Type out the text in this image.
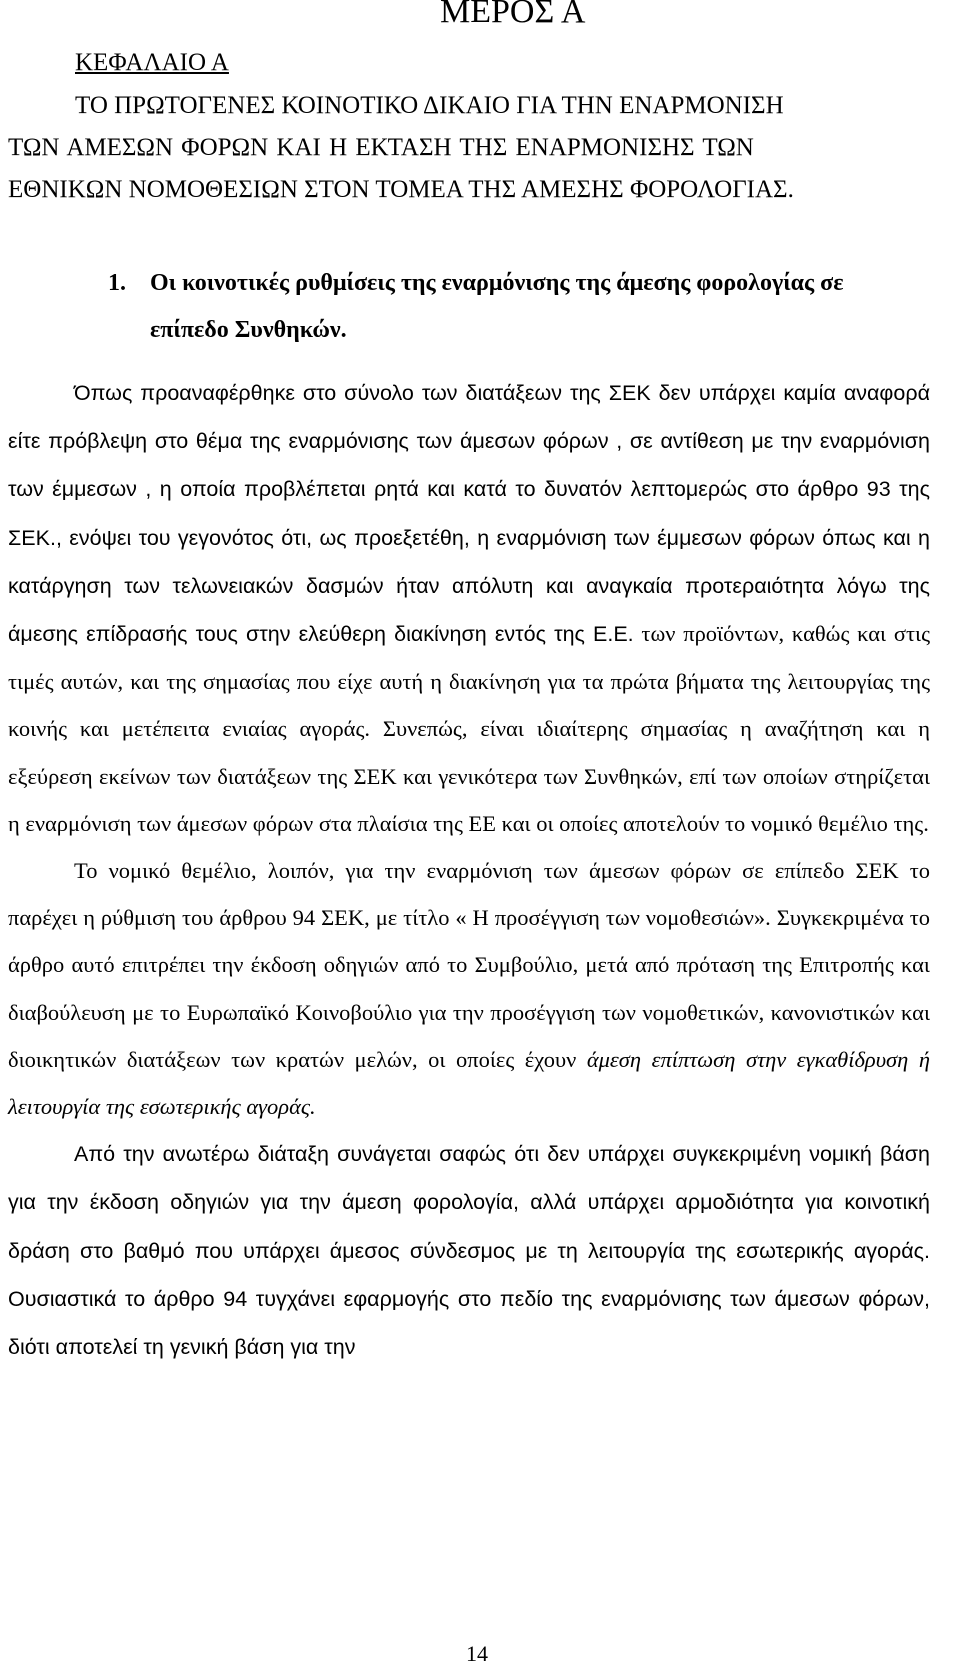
ΜΕΡΟΣ Α
ΚΕΦΑΛΑΙΟ Α
ΤΟ ΠΡΩΤΟΓΕΝΕΣ ΚΟΙΝΟΤΙΚΟ ΔΙΚΑΙΟ ΓΙΑ ΤΗΝ ΕΝΑΡΜΟΝΙΣΗ
ΤΩΝ ΑΜΕΣΩΝ ΦΟΡΩΝ ΚΑΙ Η ΕΚΤΑΣΗ ΤΗΣ ΕΝΑΡΜΟΝΙΣΗΣ ΤΩΝ
ΕΘΝΙΚΩΝ ΝΟΜΟΘΕΣΙΩΝ ΣΤΟΝ ΤΟΜΕΑ ΤΗΣ ΑΜΕΣΗΣ ΦΟΡΟΛΟΓΙΑΣ.
1. Οι κοινοτικές ρυθμίσεις της εναρμόνισης της άμεσης φορολογίας σε
επίπεδο Συνθηκών.

Όπως προαναφέρθηκε στο σύνολο των διατάξεων της ΣΕΚ δεν υπάρχει καμία αναφορά είτε πρόβλεψη στο θέμα της εναρμόνισης των άμεσων φόρων , σε αντίθεση με την εναρμόνιση των έμμεσων , η οποία προβλέπεται ρητά και κατά το δυνατόν λεπτομερώς στο άρθρο 93 της ΣΕΚ., ενόψει του γεγονότος ότι, ως προεξετέθη, η εναρμόνιση των έμμεσων φόρων όπως και η κατάργηση των τελωνειακών δασμών ήταν απόλυτη και αναγκαία προτεραιότητα λόγω της άμεσης επίδρασής τους στην ελεύθερη διακίνηση εντός της Ε.Ε. των προϊόντων, καθώς και στις τιμές αυτών, και της σημασίας που είχε αυτή η διακίνηση για τα πρώτα βήματα της λειτουργίας της κοινής και μετέπειτα ενιαίας αγοράς. Συνεπώς, είναι ιδιαίτερης σημασίας η αναζήτηση και η εξεύρεση εκείνων των διατάξεων της ΣΕΚ και γενικότερα των Συνθηκών, επί των οποίων στηρίζεται η εναρμόνιση των άμεσων φόρων στα πλαίσια της ΕΕ και οι οποίες αποτελούν το νομικό θεμέλιο της.

Το νομικό θεμέλιο, λοιπόν, για την εναρμόνιση των άμεσων φόρων σε επίπεδο ΣΕΚ το παρέχει η ρύθμιση του άρθρου 94 ΣΕΚ, με τίτλο « Η προσέγγιση των νομοθεσιών». Συγκεκριμένα το άρθρο αυτό επιτρέπει την έκδοση οδηγιών από το Συμβούλιο, μετά από πρόταση της Επιτροπής και διαβούλευση με το Ευρωπαϊκό Κοινοβούλιο για την προσέγγιση των νομοθετικών, κανονιστικών και διοικητικών διατάξεων των κρατών μελών, οι οποίες έχουν άμεση επίπτωση στην εγκαθίδρυση ή λειτουργία της εσωτερικής αγοράς.

Από την ανωτέρω διάταξη συνάγεται σαφώς ότι δεν υπάρχει συγκεκριμένη νομική βάση για την έκδοση οδηγιών για την άμεση φορολογία, αλλά υπάρχει αρμοδιότητα για κοινοτική δράση στο βαθμό που υπάρχει άμεσος σύνδεσμος με τη λειτουργία της εσωτερικής αγοράς. Ουσιαστικά το άρθρο 94 τυγχάνει εφαρμογής στο πεδίο της εναρμόνισης των άμεσων φόρων, διότι αποτελεί τη γενική βάση για την

14
